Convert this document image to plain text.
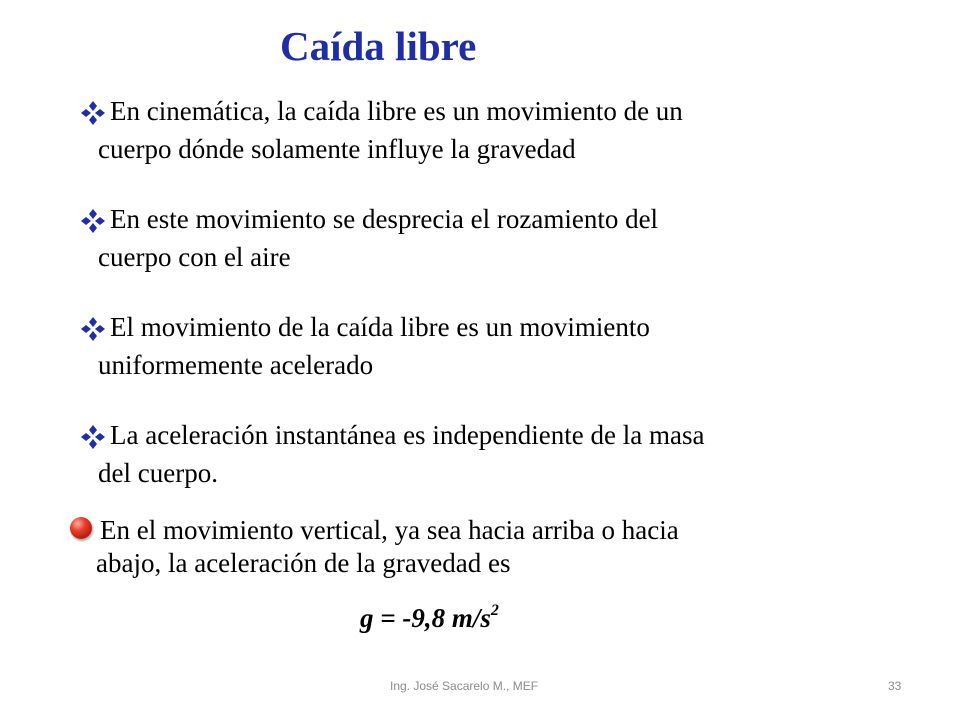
Caída libre
En cinemática, la caída libre es un movimiento de un
cuerpo dónde solamente influye la gravedad
En este movimiento se desprecia el rozamiento del
cuerpo con el aire
El movimiento de la caída libre es un movimiento
uniformemente acelerado
La aceleración instantánea es independiente de la masa
del cuerpo.
En el movimiento vertical, ya sea hacia arriba o hacia
abajo, la aceleración de la gravedad es
g = -9,8 $m/s^2$
Ing. José Sacarelo M., MEF	33
